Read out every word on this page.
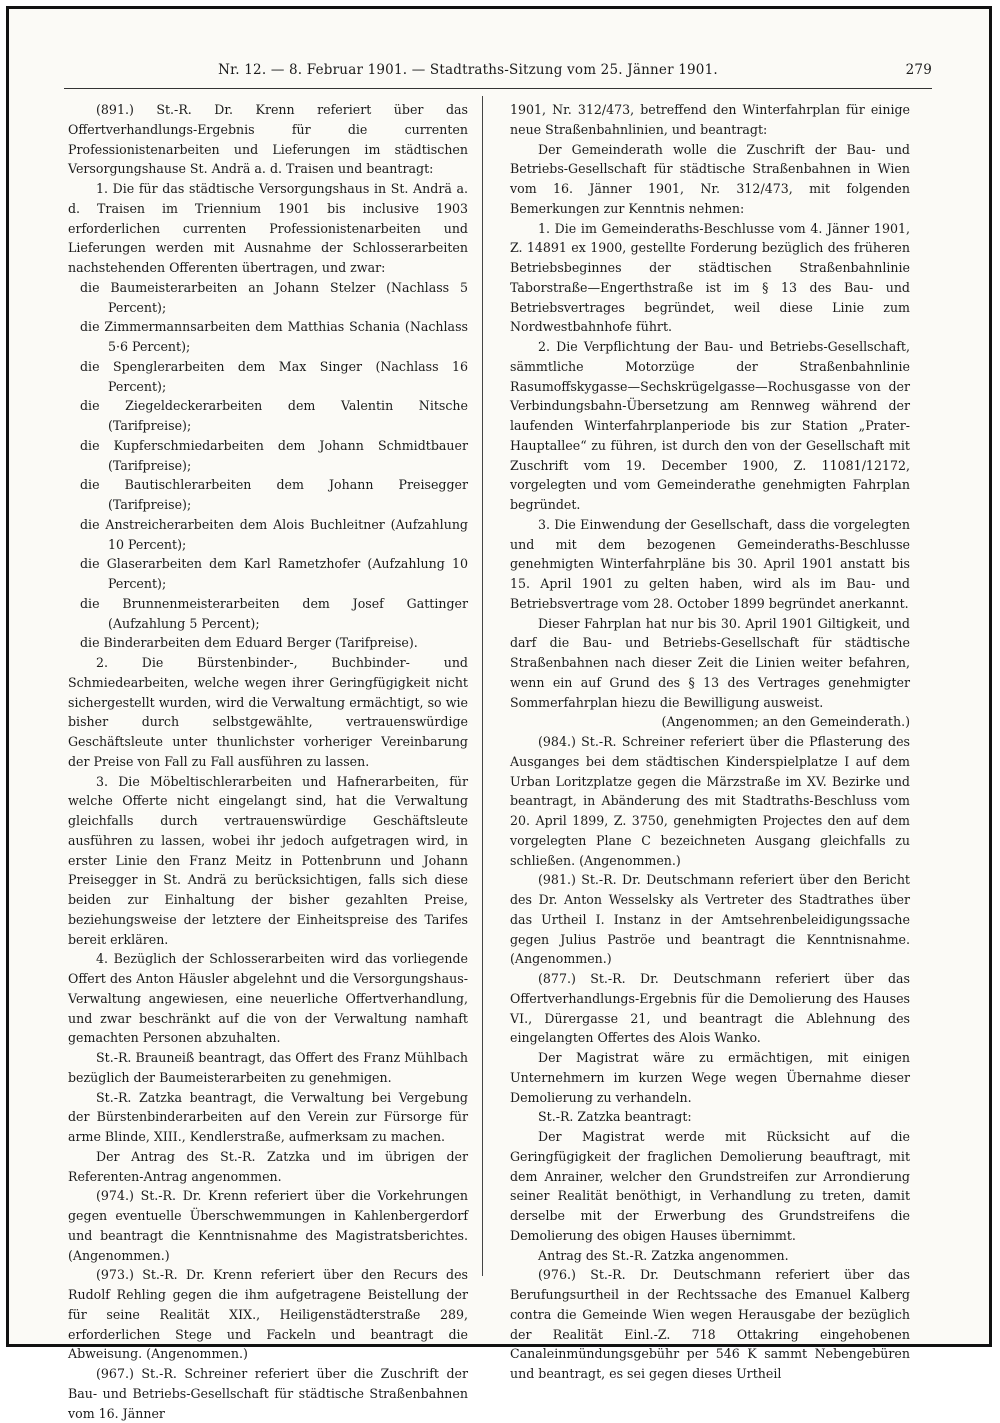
Nr. 12. — 8. Februar 1901. — Stadtraths-Sitzung vom 25. Jänner 1901.	279

(891.) St.-R. Dr. Krenn referiert über das Offertverhandlungs-Ergebnis für die currenten Professionistenarbeiten und Lieferungen im städtischen Versorgungshause St. Andrä a. d. Traisen und beantragt:

1. Die für das städtische Versorgungshaus in St. Andrä a. d. Traisen im Triennium 1901 bis inclusive 1903 erforderlichen currenten Professionistenarbeiten und Lieferungen werden mit Ausnahme der Schlosserarbeiten nachstehenden Offerenten übertragen, und zwar:

die Baumeisterarbeiten an Johann Stelzer (Nachlass 5 Percent);

die Zimmermannsarbeiten dem Matthias Schania (Nachlass 5·6 Percent);

die Spenglerarbeiten dem Max Singer (Nachlass 16 Percent);

die Ziegeldeckerarbeiten dem Valentin Nitsche (Tarifpreise);

die Kupferschmiedarbeiten dem Johann Schmidtbauer (Tarifpreise);

die Bautischlerarbeiten dem Johann Preisegger (Tarifpreise);

die Anstreicherarbeiten dem Alois Buchleitner (Aufzahlung 10 Percent);

die Glaserarbeiten dem Karl Rametzhofer (Aufzahlung 10 Percent);

die Brunnenmeisterarbeiten dem Josef Gattinger (Aufzahlung 5 Percent);

die Binderarbeiten dem Eduard Berger (Tarifpreise).

2. Die Bürstenbinder-, Buchbinder- und Schmiedearbeiten, welche wegen ihrer Geringfügigkeit nicht sichergestellt wurden, wird die Verwaltung ermächtigt, so wie bisher durch selbstgewählte, vertrauenswürdige Geschäftsleute unter thunlichster vorheriger Vereinbarung der Preise von Fall zu Fall ausführen zu lassen.

3. Die Möbeltischlerarbeiten und Hafnerarbeiten, für welche Offerte nicht eingelangt sind, hat die Verwaltung gleichfalls durch vertrauenswürdige Geschäftsleute ausführen zu lassen, wobei ihr jedoch aufgetragen wird, in erster Linie den Franz Meitz in Pottenbrunn und Johann Preisegger in St. Andrä zu berücksichtigen, falls sich diese beiden zur Einhaltung der bisher gezahlten Preise, beziehungsweise der letztere der Einheitspreise des Tarifes bereit erklären.

4. Bezüglich der Schlosserarbeiten wird das vorliegende Offert des Anton Häusler abgelehnt und die Versorgungshaus-Verwaltung angewiesen, eine neuerliche Offertverhandlung, und zwar beschränkt auf die von der Verwaltung namhaft gemachten Personen abzuhalten.

St.-R. Brauneiß beantragt, das Offert des Franz Mühlbach bezüglich der Baumeisterarbeiten zu genehmigen.

St.-R. Zatzka beantragt, die Verwaltung bei Vergebung der Bürstenbinderarbeiten auf den Verein zur Fürsorge für arme Blinde, XIII., Kendlerstraße, aufmerksam zu machen.

Der Antrag des St.-R. Zatzka und im übrigen der Referenten-Antrag angenommen.

(974.) St.-R. Dr. Krenn referiert über die Vorkehrungen gegen eventuelle Überschwemmungen in Kahlenbergerdorf und beantragt die Kenntnisnahme des Magistratsberichtes. (Angenommen.)

(973.) St.-R. Dr. Krenn referiert über den Recurs des Rudolf Rehling gegen die ihm aufgetragene Beistellung der für seine Realität XIX., Heiligenstädterstraße 289, erforderlichen Stege und Fackeln und beantragt die Abweisung. (Angenommen.)

(967.) St.-R. Schreiner referiert über die Zuschrift der Bau- und Betriebs-Gesellschaft für städtische Straßenbahnen vom 16. Jänner

1901, Nr. 312/473, betreffend den Winterfahrplan für einige neue Straßenbahnlinien, und beantragt:

Der Gemeinderath wolle die Zuschrift der Bau- und Betriebs-Gesellschaft für städtische Straßenbahnen in Wien vom 16. Jänner 1901, Nr. 312/473, mit folgenden Bemerkungen zur Kenntnis nehmen:

1. Die im Gemeinderaths-Beschlusse vom 4. Jänner 1901, Z. 14891 ex 1900, gestellte Forderung bezüglich des früheren Betriebsbeginnes der städtischen Straßenbahnlinie Taborstraße—Engerthstraße ist im § 13 des Bau- und Betriebsvertrages begründet, weil diese Linie zum Nordwestbahnhofe führt.

2. Die Verpflichtung der Bau- und Betriebs-Gesellschaft, sämmtliche Motorzüge der Straßenbahnlinie Rasumoffskygasse—Sechskrügelgasse—Rochusgasse von der Verbindungsbahn-Übersetzung am Rennweg während der laufenden Winterfahrplanperiode bis zur Station „Prater-Hauptallee“ zu führen, ist durch den von der Gesellschaft mit Zuschrift vom 19. December 1900, Z. 11081/12172, vorgelegten und vom Gemeinderathe genehmigten Fahrplan begründet.

3. Die Einwendung der Gesellschaft, dass die vorgelegten und mit dem bezogenen Gemeinderaths-Beschlusse genehmigten Winterfahrpläne bis 30. April 1901 anstatt bis 15. April 1901 zu gelten haben, wird als im Bau- und Betriebsvertrage vom 28. October 1899 begründet anerkannt.

Dieser Fahrplan hat nur bis 30. April 1901 Giltigkeit, und darf die Bau- und Betriebs-Gesellschaft für städtische Straßenbahnen nach dieser Zeit die Linien weiter befahren, wenn ein auf Grund des § 13 des Vertrages genehmigter Sommerfahrplan hiezu die Bewilligung ausweist.

(Angenommen; an den Gemeinderath.)

(984.) St.-R. Schreiner referiert über die Pflasterung des Ausganges bei dem städtischen Kinderspielplatze I auf dem Urban Loritzplatze gegen die Märzstraße im XV. Bezirke und beantragt, in Abänderung des mit Stadtraths-Beschluss vom 20. April 1899, Z. 3750, genehmigten Projectes den auf dem vorgelegten Plane C bezeichneten Ausgang gleichfalls zu schließen. (Angenommen.)

(981.) St.-R. Dr. Deutschmann referiert über den Bericht des Dr. Anton Wesselsky als Vertreter des Stadtrathes über das Urtheil I. Instanz in der Amtsehrenbeleidigungssache gegen Julius Paströe und beantragt die Kenntnisnahme. (Angenommen.)

(877.) St.-R. Dr. Deutschmann referiert über das Offertverhandlungs-Ergebnis für die Demolierung des Hauses VI., Dürergasse 21, und beantragt die Ablehnung des eingelangten Offertes des Alois Wanko.

Der Magistrat wäre zu ermächtigen, mit einigen Unternehmern im kurzen Wege wegen Übernahme dieser Demolierung zu verhandeln.

St.-R. Zatzka beantragt:

Der Magistrat werde mit Rücksicht auf die Geringfügigkeit der fraglichen Demolierung beauftragt, mit dem Anrainer, welcher den Grundstreifen zur Arrondierung seiner Realität benöthigt, in Verhandlung zu treten, damit derselbe mit der Erwerbung des Grundstreifens die Demolierung des obigen Hauses übernimmt.

Antrag des St.-R. Zatzka angenommen.

(976.) St.-R. Dr. Deutschmann referiert über das Berufungsurtheil in der Rechtssache des Emanuel Kalberg contra die Gemeinde Wien wegen Herausgabe der bezüglich der Realität Einl.-Z. 718 Ottakring eingehobenen Canaleinmündungsgebühr per 546 K sammt Nebengebüren und beantragt, es sei gegen dieses Urtheil
